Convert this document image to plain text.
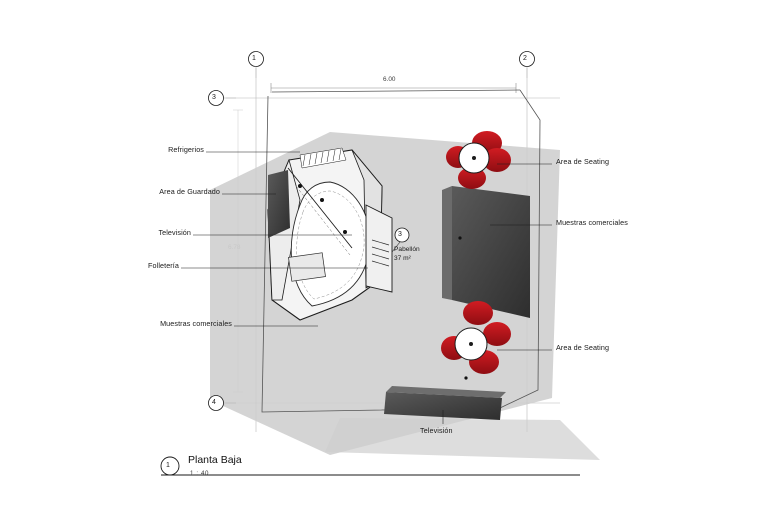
1	2
3
4
6.00
6.78
3
Pabellón
37 m²
Refrigerios
Area de Guardado
Televisión
Folletería
Muestras comerciales
Area de Seating
Muestras comerciales
Area de Seating
Televisión
1 Planta Baja
1 : 40
